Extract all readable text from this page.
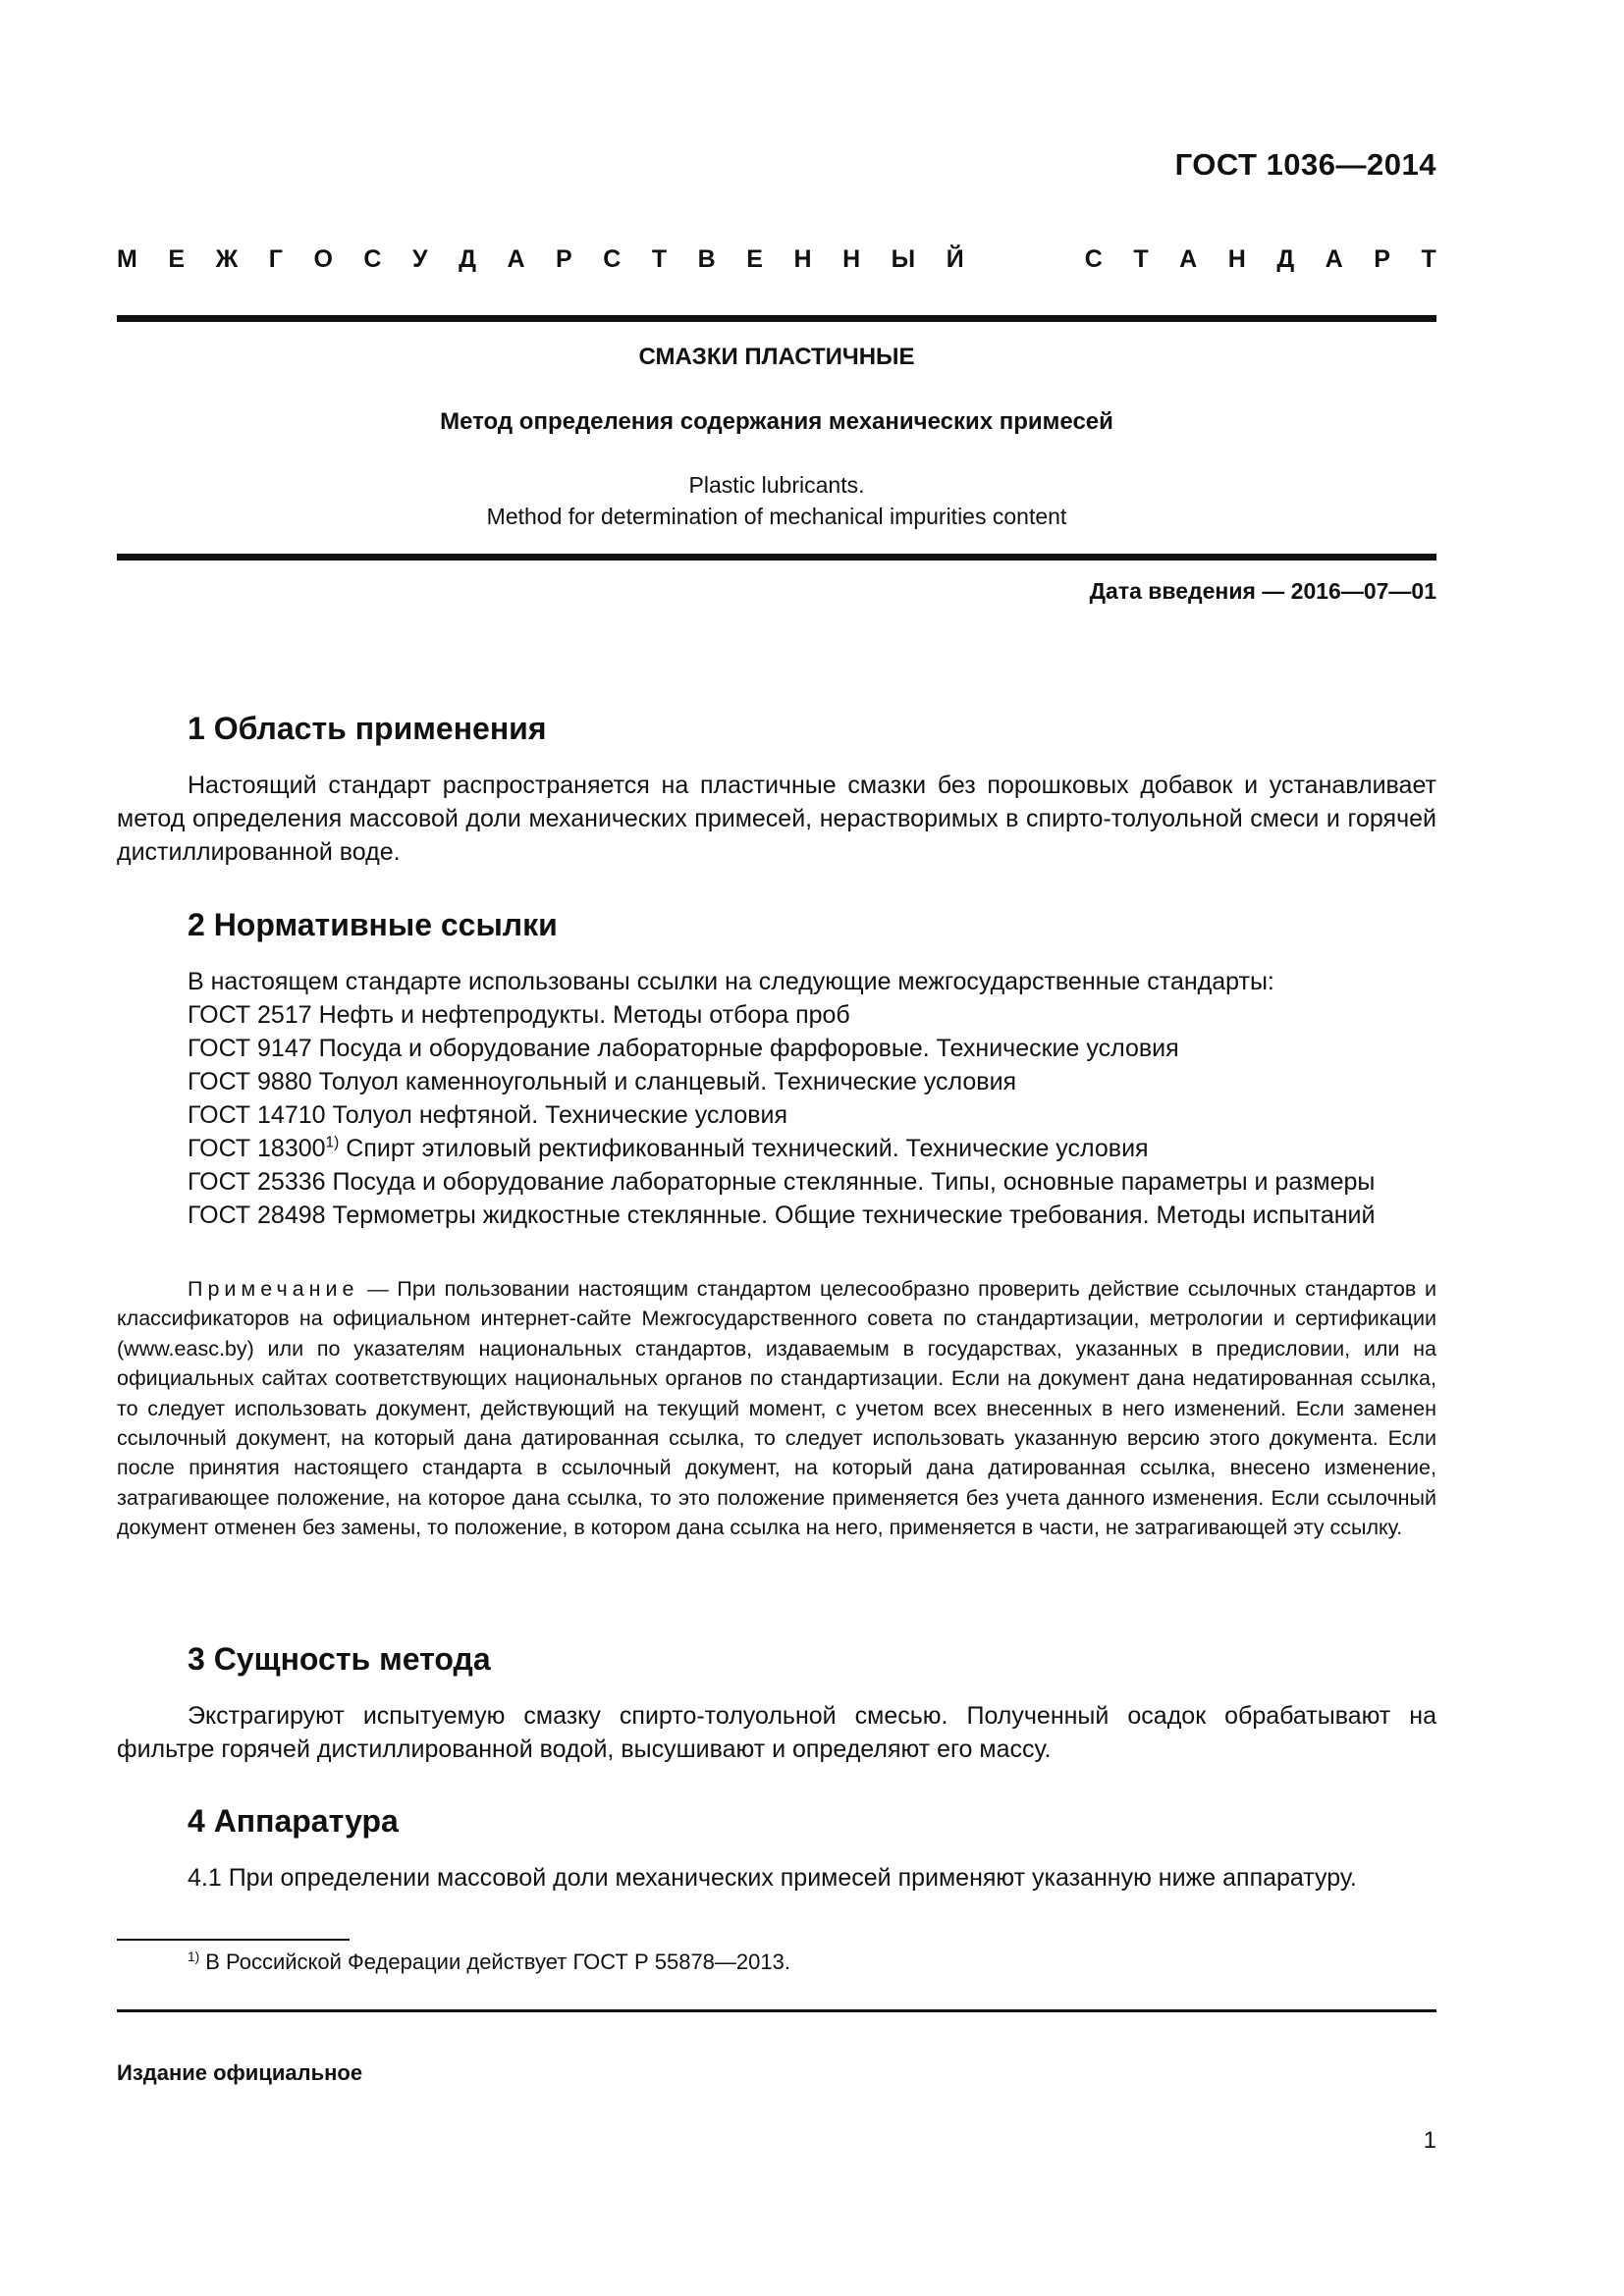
ГОСТ 1036—2014
М Е Ж Г О С У Д А Р С Т В Е Н Н Ы Й	С Т А Н Д А Р Т
СМАЗКИ ПЛАСТИЧНЫЕ
Метод определения содержания механических примесей
Plastic lubricants.
Method for determination of mechanical impurities content
Дата введения — 2016—07—01
1 Область применения
Настоящий стандарт распространяется на пластичные смазки без порошковых добавок и устанавливает метод определения массовой доли механических примесей, нерастворимых в спирто-толуольной смеси и горячей дистиллированной воде.
2 Нормативные ссылки
В настоящем стандарте использованы ссылки на следующие межгосударственные стандарты:
ГОСТ 2517 Нефть и нефтепродукты. Методы отбора проб
ГОСТ 9147 Посуда и оборудование лабораторные фарфоровые. Технические условия
ГОСТ 9880 Толуол каменноугольный и сланцевый. Технические условия
ГОСТ 14710 Толуол нефтяной. Технические условия
ГОСТ 18300$^{1)}$ Спирт этиловый ректификованный технический. Технические условия
ГОСТ 25336 Посуда и оборудование лабораторные стеклянные. Типы, основные параметры и размеры
ГОСТ 28498 Термометры жидкостные стеклянные. Общие технические требования. Методы испытаний
Примечание — При пользовании настоящим стандартом целесообразно проверить действие ссылочных стандартов и классификаторов на официальном интернет-сайте Межгосударственного совета по стандартизации, метрологии и сертификации (www.easc.by) или по указателям национальных стандартов, издаваемым в государствах, указанных в предисловии, или на официальных сайтах соответствующих национальных органов по стандартизации. Если на документ дана недатированная ссылка, то следует использовать документ, действующий на текущий момент, с учетом всех внесенных в него изменений. Если заменен ссылочный документ, на который дана датированная ссылка, то следует использовать указанную версию этого документа. Если после принятия настоящего стандарта в ссылочный документ, на который дана датированная ссылка, внесено изменение, затрагивающее положение, на которое дана ссылка, то это положение применяется без учета данного изменения. Если ссылочный документ отменен без замены, то положение, в котором дана ссылка на него, применяется в части, не затрагивающей эту ссылку.
3 Сущность метода
Экстрагируют испытуемую смазку спирто-толуольной смесью. Полученный осадок обрабатывают на фильтре горячей дистиллированной водой, высушивают и определяют его массу.
4 Аппаратура
4.1 При определении массовой доли механических примесей применяют указанную ниже аппаратуру.
$^{1)}$ В Российской Федерации действует ГОСТ Р 55878—2013.
Издание официальное
1
